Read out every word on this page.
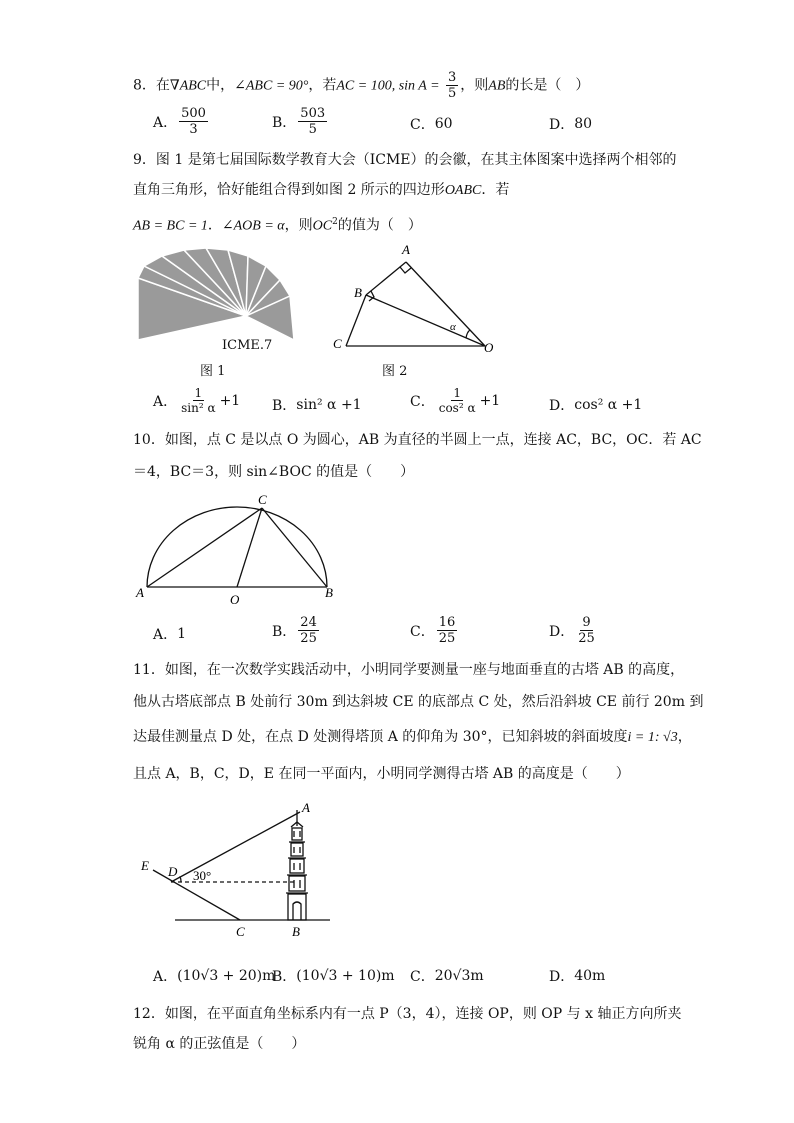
8．在∇ABC中，∠ABC = 90°，若AC = 100, $\sin A = \frac{3}{5}$ ，则AB的长是（　）
A． $\frac{500}{3}$	B． $\frac{503}{5}$	C． 60	D． 80
9．图 1 是第七届国际数学教育大会（ICME）的会徽，在其主体图案中选择两个相邻的
直角三角形，恰好能组合得到如图 2 所示的四边形OABC．若
AB = BC = 1．∠AOB = α，则$OC^2$的值为（　）
ICME.7
图 1	图 2
A
B
C	O
α
A． $\frac{1}{\text{sin² α}} +1$ B． sin² α +1	C． $\frac{1}{\text{cos² α}} +1$	D． cos² α +1
10．如图，点 C 是以点 O 为圆心，AB 为直径的半圆上一点，连接 AC，BC，OC．若 AC
＝4，BC＝3，则 sin∠BOC 的值是（　　）
C
A	O	B
A． 1	B． $\frac{24}{25}$	C． $\frac{16}{25}$	D． $\frac{9}{25}$
11．如图，在一次数学实践活动中，小明同学要测量一座与地面垂直的古塔 AB 的高度，
他从古塔底部点 B 处前行 30m 到达斜坡 CE 的底部点 C 处，然后沿斜坡 CE 前行 20m 到
达最佳测量点 D 处，在点 D 处测得塔顶 A 的仰角为 30°，已知斜坡的斜面坡度i = 1: √3，
且点 A，B，C，D，E 在同一平面内，小明同学测得古塔 AB 的高度是（　　）
A
E D 30°
C	B
A． (10√3 + 20)m
B． (10√3 + 10)m C． 20√3m	D． 40m
12．如图，在平面直角坐标系内有一点 P（3，4），连接 OP，则 OP 与 x 轴正方向所夹
锐角 α 的正弦值是（　　）
